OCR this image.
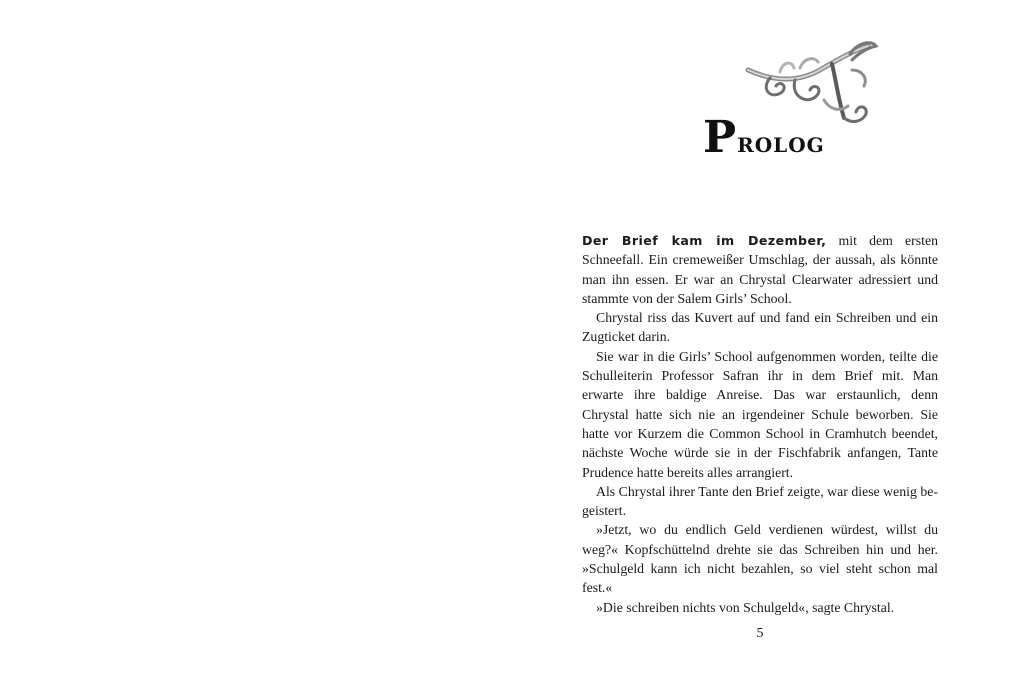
Prolog

Der Brief kam im Dezember, mit dem ersten Schneefall. Ein cremeweißer Umschlag, der aussah, als könnte man ihn essen. Er war an Chrystal Clearwater adressiert und stammte von der Salem Girls’ School.

Chrystal riss das Kuvert auf und fand ein Schreiben und ein Zugticket darin.

Sie war in die Girls’ School aufgenommen worden, teilte die Schulleiterin Professor Safran ihr in dem Brief mit. Man erwarte ihre baldige Anreise. Das war erstaunlich, denn Chrystal hatte sich nie an irgendeiner Schule beworben. Sie hatte vor Kurzem die Common School in Cramhutch beendet, nächste Woche würde sie in der Fischfabrik anfangen, Tante Prudence hatte bereits alles arrangiert.

Als Chrystal ihrer Tante den Brief zeigte, war diese wenig begeistert.

»Jetzt, wo du endlich Geld verdienen würdest, willst du weg?« Kopfschüttelnd drehte sie das Schreiben hin und her. »Schulgeld kann ich nicht bezahlen, so viel steht schon mal fest.«

»Die schreiben nichts von Schulgeld«, sagte Chrystal.

5
